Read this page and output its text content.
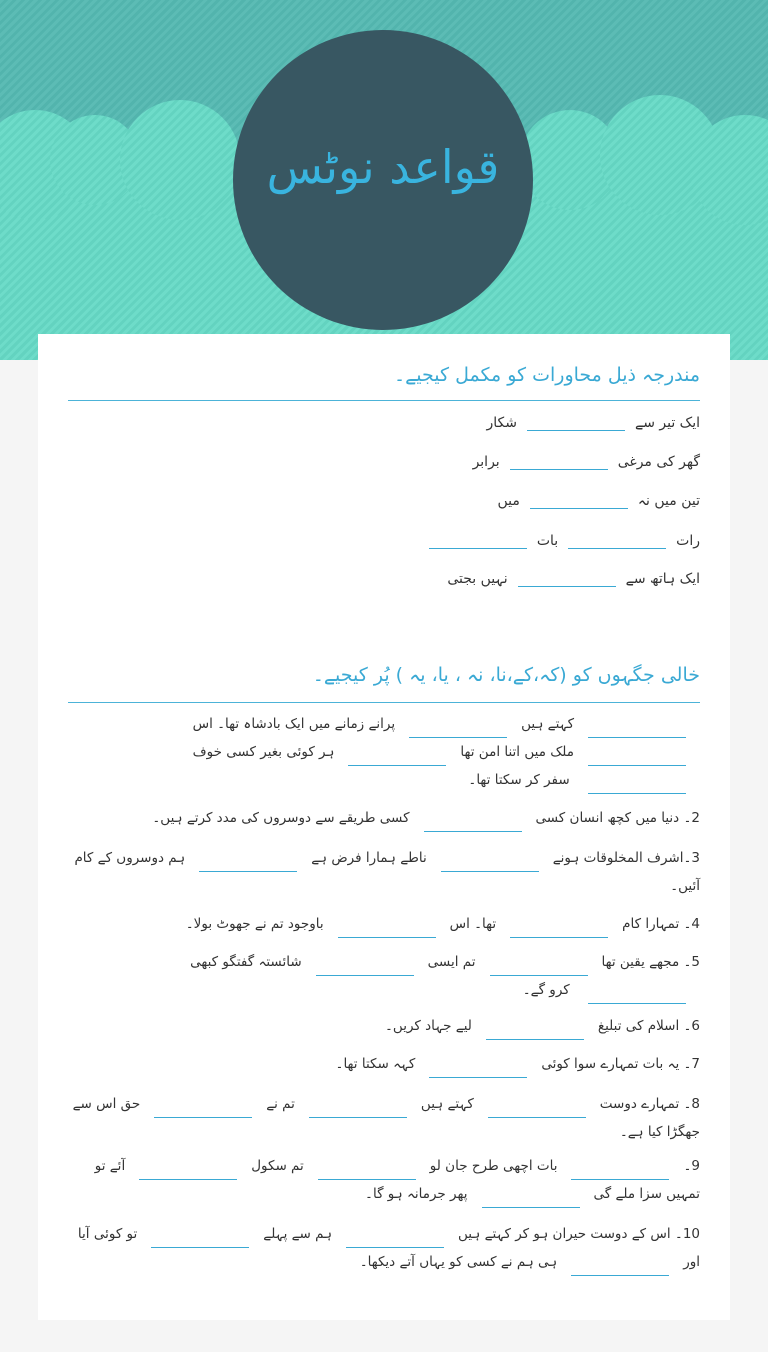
قواعد نوٹس
مندرجہ ذیل محاورات کو مکمل کیجیے۔
ایک تیر سےشکار
گھر کی مرغیبرابر
تین میں نہمیں
راتبات
ایک ہاتھ سےنہیں بجتی
خالی جگہوں کو (کہ،کے،نا، نہ ، یا، یہ ) پُر کیجیے۔
کہتے ہیںپرانے زمانے میں ایک بادشاہ تھا۔ اس ملک میں اتنا امن تھاہر کوئی بغیر کسی خوف سفر کر سکتا تھا۔
2۔ دنیا میں کچھ انسان کسیکسی طریقے سے دوسروں کی مدد کرتے ہیں۔
3۔اشرف المخلوقات ہونےناطے ہمارا فرض ہےہم دوسروں کے کام آئیں۔
4۔ تمہارا کامتھا۔ اسباوجود تم نے جھوٹ بولا۔
5۔ مجھے یقین تھاتم ایسیشائستہ گفتگو کبھی کرو گے۔
6۔ اسلام کی تبلیغلیے جہاد کریں۔
7۔ یہ بات تمہارے سوا کوئیکہہ سکتا تھا۔
8۔ تمہارے دوستکہتے ہیںتم نےحق اس سے جھگڑا کیا ہے۔
9۔بات اچھی طرح جان لوتم سکولآئے تو تمہیں سزا ملے گیپھر جرمانہ ہو گا۔
10۔ اس کے دوست حیران ہو کر کہتے ہیںہم سے پہلےتو کوئی آیا اورہی ہم نے کسی کو یہاں آتے دیکھا۔
